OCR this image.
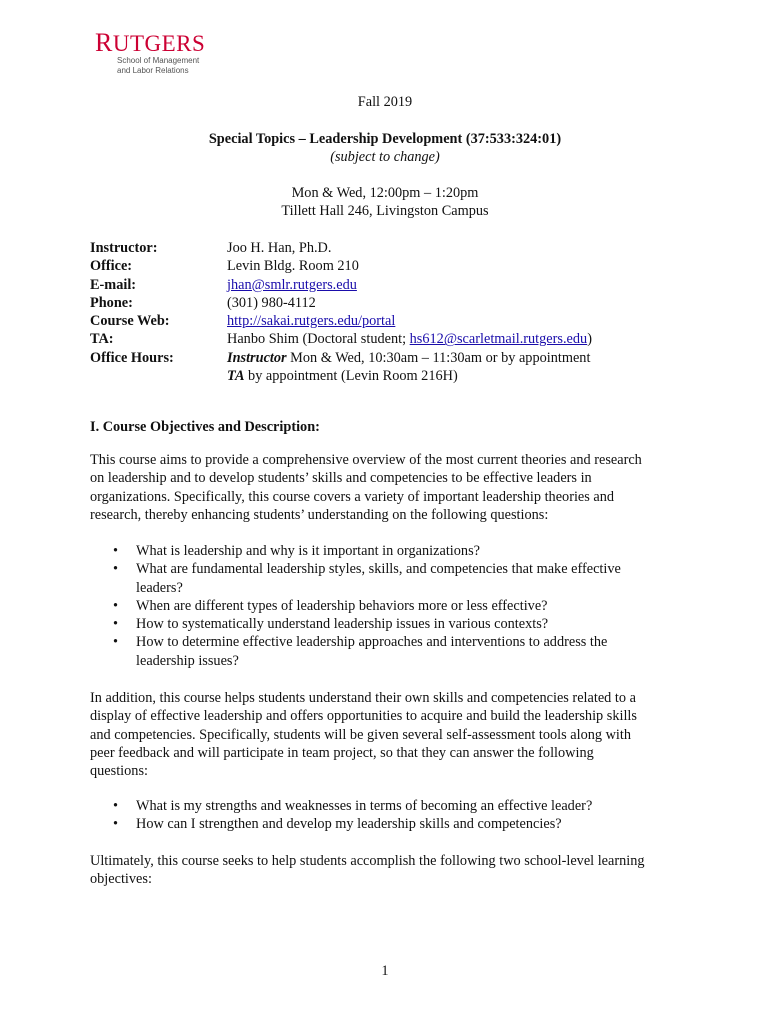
RUTGERS
School of Management
and Labor Relations
Fall 2019
Special Topics – Leadership Development (37:533:324:01)
(subject to change)
Mon & Wed, 12:00pm – 1:20pm
Tillett Hall 246, Livingston Campus
Instructor:	Joo H. Han, Ph.D.
Office:	Levin Bldg. Room 210
E-mail:	jhan@smlr.rutgers.edu
Phone:	(301) 980-4112
Course Web:	http://sakai.rutgers.edu/portal
TA:	Hanbo Shim (Doctoral student; hs612@scarletmail.rutgers.edu)
Office Hours:	Instructor Mon & Wed, 10:30am – 11:30am or by appointment
TA by appointment (Levin Room 216H)
I. Course Objectives and Description:
This course aims to provide a comprehensive overview of the most current theories and research
on leadership and to develop students’ skills and competencies to be effective leaders in
organizations. Specifically, this course covers a variety of important leadership theories and
research, thereby enhancing students’ understanding on the following questions:
• What is leadership and why is it important in organizations?
• What are fundamental leadership styles, skills, and competencies that make effective
leaders?
• When are different types of leadership behaviors more or less effective?
• How to systematically understand leadership issues in various contexts?
• How to determine effective leadership approaches and interventions to address the
leadership issues?
In addition, this course helps students understand their own skills and competencies related to a
display of effective leadership and offers opportunities to acquire and build the leadership skills
and competencies. Specifically, students will be given several self-assessment tools along with
peer feedback and will participate in team project, so that they can answer the following
questions:
• What is my strengths and weaknesses in terms of becoming an effective leader?
• How can I strengthen and develop my leadership skills and competencies?
Ultimately, this course seeks to help students accomplish the following two school-level learning
objectives:
1
